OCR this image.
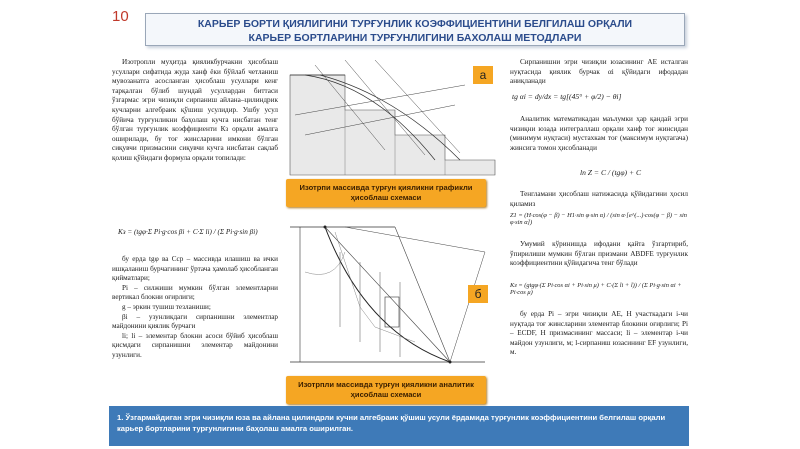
10	КАРЬЕР БОРТИ ҚИЯЛИГИНИ ТУРҒУНЛИК КОЭФФИЦИЕНТИНИ БЕЛГИЛАШ ОРҚАЛИ
КАРЬЕР БОРТЛАРИНИ ТУРҒУНЛИГИНИ БАХОЛАШ МЕТОДЛАРИ

Изотропли муҳитда қияликбурчакни ҳисоблаш усуллари сифатида жуда ханф ёки бўйлаб четланиш мувозанатга асосланган ҳисоблаш усуллари кенг тарқалган бўлиб шундай усуллардан биттаси ўзгармас эгри чизиқли сирпаниш айлана–цилиндрик кучларни алгебраик қўшиш усулидир. Ушбу усул бўйича турғунликни баҳолаш кучга нисбатан тенг бўлган турғунлик коэффициенти Кз орқали амалга оширилади, бу тоғ жинсларини имкони бўлган сиқувчи призмасини сиқувчи кучга нисбатан сақлаб қолиш қўйидаги формула орқали топилади:

Кз = (tgφ·Σ Pi·g·cos βi + C·Σ li) / (Σ Pi·g·sin βi)

бу ерда tgφ ва Cср – массивда илашиш ва ички ишқаланиш бурчагининг ўртача ҳамолаб ҳисобланган қийматлари;

Pi – силжиши мумкин бўлган элементларни вертикал блокни оғирлиги;

g – эркин тушиш тезланиши;

βi – узунликдаги сирпанишни элементлар майдонини қиялик бурчаги

li; li – элементар блокни асоси бўйиб ҳисоблаш қисмдаги сирпанишни элементар майдонини узунлиги.

а
Изотрпи массивда турғун қияликни графикли ҳисоблаш схемаси
б
Изотрпли массивда турғун қияликни аналитик ҳисоблаш схемаси

Сирпанишни эгри чизиқли юзасининг АЕ исталган нуқтасида қиялик бурчак αi қўйидаги ифодадан аниқланади

tg αi = dy/dx = tg[(45° + φ/2) − θi]

Аналитик математикадан маълумки ҳар қандай эгри чизиқни юзада интеграллаш орқали ханф тоғ жинсидан (минимум нуқтаси) мустахкам тоғ (максимум нуқтагача) жинсига томон ҳисобланади

ln Z = C / (tgφ) + C

Тенгламани ҳисоблаш натижасида қўйидагини ҳосил қиламиз

Z1 = (H·cos(φ − β) − H1·sin φ·sin α) / (sin α·[e^(...)·cos(φ − β) − sin φ·sin α])

Умумий кўринишда ифодани қайта ўзгартириб, ўпирилиши мумкин бўлган призмани ABDFE турғунлик коэффициентини қўйидагича тенг бўлади

Кз = (gtgφ·(Σ Pi·cos αi + Pi·sin μ) + C·(Σ li + l)) / (Σ Pi·g·sin αi + Pi·cos μ)

бу ерда Pi – эгри чизиқли АЕ, Н участкадаги i-чи нуқтада тоғ жинсларини элементар блокини оғирлиги; Pi – ECDF, Н призмасининг массаси; li – элементар i-чи майдон узунлиги, м; l-сирпаниш юзасининг EF узунлиги, м.

1. Ўзгармайдиган эгри чизиқли юза ва айлана цилиндрли кучни алгебраик қўшиш усули ёрдамида турғунлик коэффициентини белгилаш орқали карьер бортларини турғунлигини баҳолаш амалга оширилган.
